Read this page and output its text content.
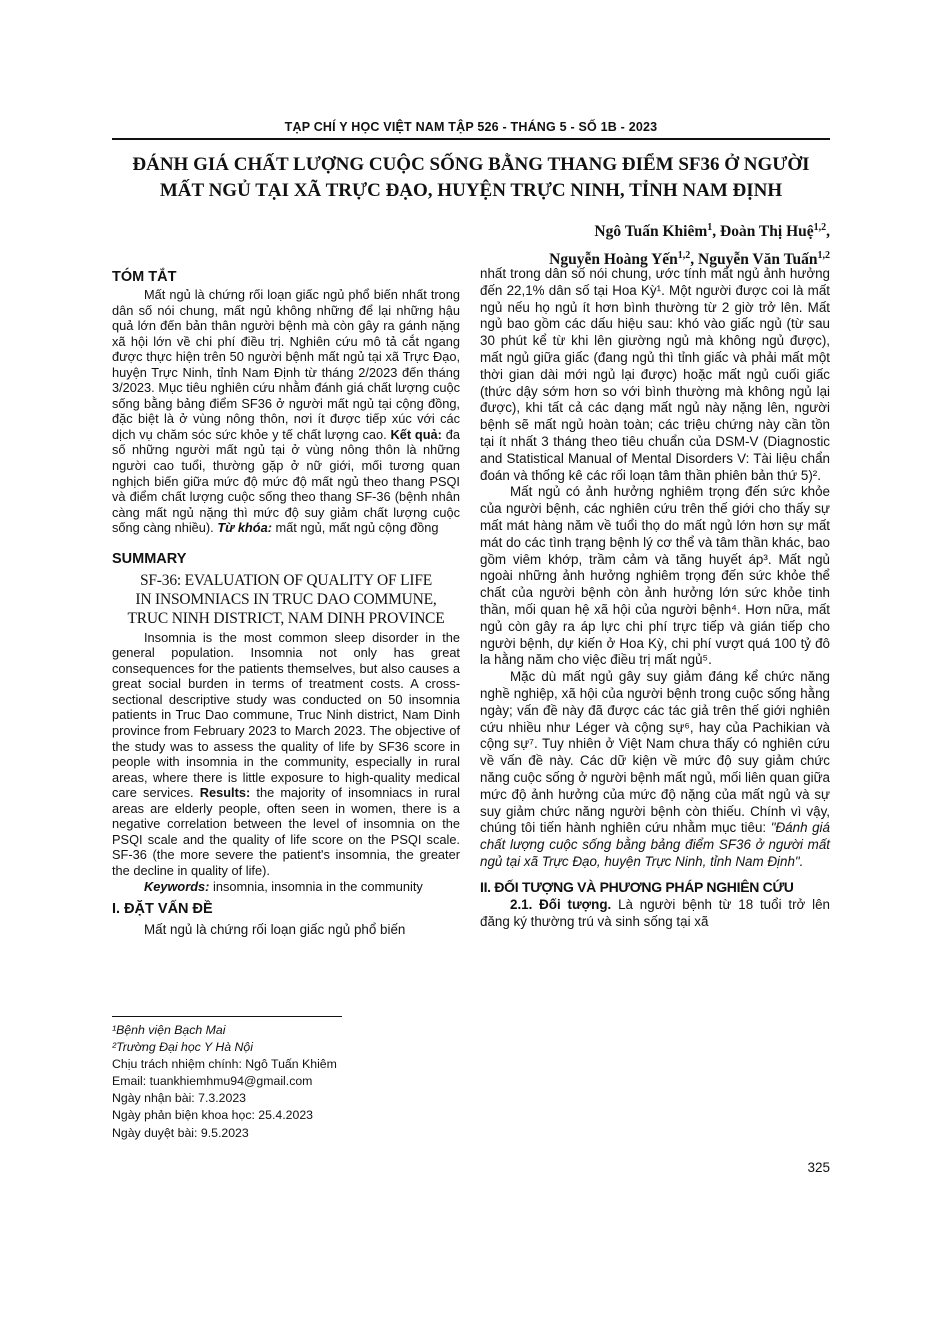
TẠP CHÍ Y HỌC VIỆT NAM TẬP 526 - THÁNG 5 - SỐ 1B - 2023
ĐÁNH GIÁ CHẤT LƯỢNG CUỘC SỐNG BẰNG THANG ĐIỂM SF36 Ở NGƯỜI
MẤT NGỦ TẠI XÃ TRỰC ĐẠO, HUYỆN TRỰC NINH, TỈNH NAM ĐỊNH
Ngô Tuấn Khiêm$^1$, Đoàn Thị Huệ$^{1,2}$,
Nguyễn Hoàng Yến$^{1,2}$, Nguyễn Văn Tuấn$^{1,2}$
TÓM TẮT

Mất ngủ là chứng rối loạn giấc ngủ phổ biến nhất trong dân số nói chung, mất ngủ không những để lại những hậu quả lớn đến bản thân người bệnh mà còn gây ra gánh nặng xã hội lớn về chi phí điều trị. Nghiên cứu mô tả cắt ngang được thực hiện trên 50 người bệnh mất ngủ tại xã Trực Đạo, huyện Trực Ninh, tỉnh Nam Định từ tháng 2/2023 đến tháng 3/2023. Mục tiêu nghiên cứu nhằm đánh giá chất lượng cuộc sống bằng bảng điểm SF36 ở người mất ngủ tại cộng đồng, đặc biệt là ở vùng nông thôn, nơi ít được tiếp xúc với các dịch vụ chăm sóc sức khỏe y tế chất lượng cao. Kết quả: đa số những người mất ngủ tại ở vùng nông thôn là những người cao tuổi, thường gặp ở nữ giới, mối tương quan nghịch biến giữa mức độ mức độ mất ngủ theo thang PSQI và điểm chất lượng cuộc sống theo thang SF-36 (bệnh nhân càng mất ngủ nặng thì mức độ suy giảm chất lượng cuộc sống càng nhiều). Từ khóa: mất ngủ, mất ngủ cộng đồng

SUMMARY
SF-36: EVALUATION OF QUALITY OF LIFE
IN INSOMNIACS IN TRUC DAO COMMUNE,
TRUC NINH DISTRICT, NAM DINH PROVINCE

Insomnia is the most common sleep disorder in the general population. Insomnia not only has great consequences for the patients themselves, but also causes a great social burden in terms of treatment costs. A cross-sectional descriptive study was conducted on 50 insomnia patients in Truc Dao commune, Truc Ninh district, Nam Dinh province from February 2023 to March 2023. The objective of the study was to assess the quality of life by SF36 score in people with insomnia in the community, especially in rural areas, where there is little exposure to high-quality medical care services. Results: the majority of insomniacs in rural areas are elderly people, often seen in women, there is a negative correlation between the level of insomnia on the PSQI scale and the quality of life score on the PSQI scale. SF-36 (the more severe the patient's insomnia, the greater the decline in quality of life).

Keywords: insomnia, insomnia in the community

I. ĐẶT VẤN ĐỀ

Mất ngủ là chứng rối loạn giấc ngủ phổ biến

¹Bệnh viện Bạch Mai
²Trường Đại học Y Hà Nội
Chịu trách nhiệm chính: Ngô Tuấn Khiêm
Email: tuankhiemhmu94@gmail.com
Ngày nhận bài: 7.3.2023
Ngày phản biện khoa học: 25.4.2023
Ngày duyệt bài: 9.5.2023

nhất trong dân số nói chung, ước tính mất ngủ ảnh hưởng đến 22,1% dân số tại Hoa Kỳ¹. Một người được coi là mất ngủ nếu họ ngủ ít hơn bình thường từ 2 giờ trở lên. Mất ngủ bao gồm các dấu hiệu sau: khó vào giấc ngủ (từ sau 30 phút kể từ khi lên giường ngủ mà không ngủ được), mất ngủ giữa giấc (đang ngủ thì tỉnh giấc và phải mất một thời gian dài mới ngủ lại được) hoặc mất ngủ cuối giấc (thức dậy sớm hơn so với bình thường mà không ngủ lại được), khi tất cả các dạng mất ngủ này nặng lên, người bệnh sẽ mất ngủ hoàn toàn; các triệu chứng này cần tồn tại ít nhất 3 tháng theo tiêu chuẩn của DSM-V (Diagnostic and Statistical Manual of Mental Disorders V: Tài liệu chẩn đoán và thống kê các rối loạn tâm thần phiên bản thứ 5)².

Mất ngủ có ảnh hưởng nghiêm trọng đến sức khỏe của người bệnh, các nghiên cứu trên thế giới cho thấy sự mất mát hàng năm về tuổi thọ do mất ngủ lớn hơn sự mất mát do các tình trạng bệnh lý cơ thể và tâm thần khác, bao gồm viêm khớp, trầm cảm và tăng huyết áp³. Mất ngủ ngoài những ảnh hưởng nghiêm trọng đến sức khỏe thể chất của người bệnh còn ảnh hưởng lớn sức khỏe tinh thần, mối quan hệ xã hội của người bệnh⁴. Hơn nữa, mất ngủ còn gây ra áp lực chi phí trực tiếp và gián tiếp cho người bệnh, dự kiến ở Hoa Kỳ, chi phí vượt quá 100 tỷ đô la hằng năm cho việc điều trị mất ngủ⁵.

Mặc dù mất ngủ gây suy giảm đáng kể chức năng nghề nghiệp, xã hội của người bệnh trong cuộc sống hằng ngày; vấn đề này đã được các tác giả trên thế giới nghiên cứu nhiều như Léger và cộng sự⁶, hay của Pachikian và cộng sự⁷. Tuy nhiên ở Việt Nam chưa thấy có nghiên cứu về vấn đề này. Các dữ kiện về mức độ suy giảm chức năng cuộc sống ở người bệnh mất ngủ, mối liên quan giữa mức độ ảnh hưởng của mức độ nặng của mất ngủ và sự suy giảm chức năng người bệnh còn thiếu. Chính vì vậy, chúng tôi tiến hành nghiên cứu nhằm mục tiêu: "Đánh giá chất lượng cuộc sống bằng bảng điểm SF36 ở người mất ngủ tại xã Trực Đạo, huyện Trực Ninh, tỉnh Nam Định".

II. ĐỐI TƯỢNG VÀ PHƯƠNG PHÁP NGHIÊN CỨU

2.1. Đối tượng. Là người bệnh từ 18 tuổi trở lên đăng ký thường trú và sinh sống tại xã

325
